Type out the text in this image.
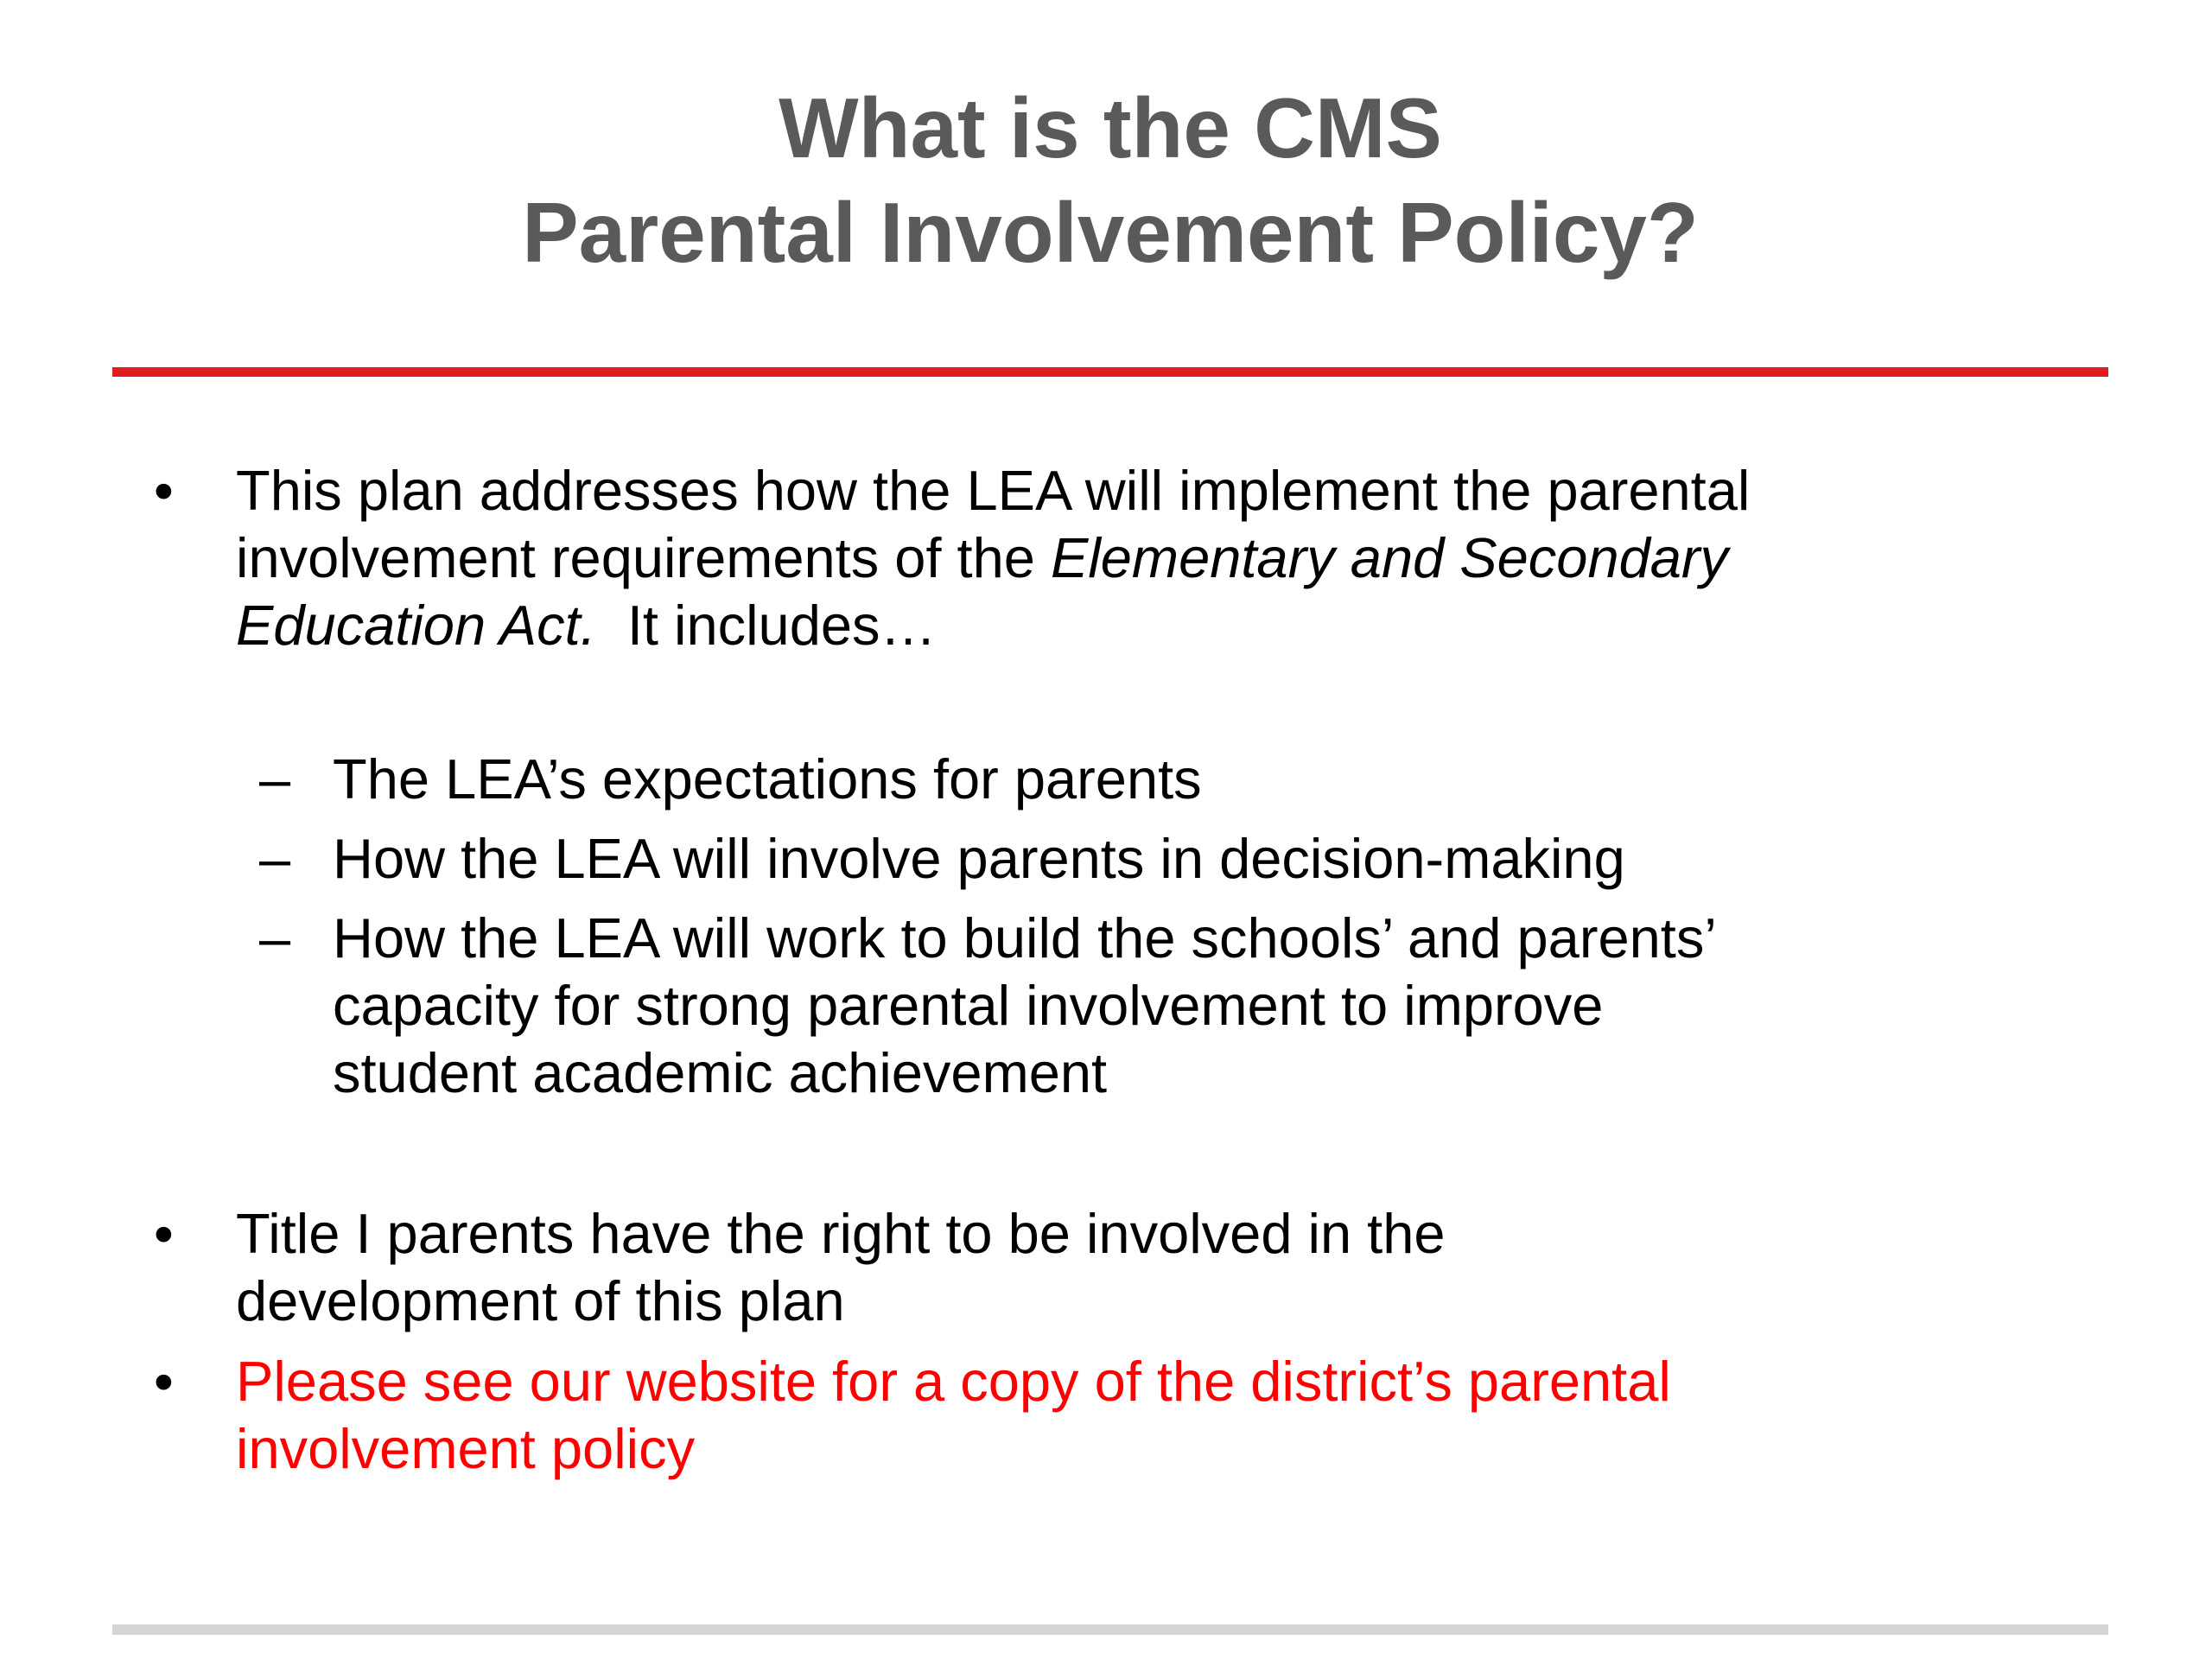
What is the CMS
Parental Involvement Policy?
• This plan addresses how the LEA will implement the parental involvement requirements of the Elementary and Secondary Education Act.  It includes…
– The LEA’s expectations for parents
– How the LEA will involve parents in decision-making
– How the LEA will work to build the schools’ and parents’ capacity for strong parental involvement to improve student academic achievement
• Title I parents have the right to be involved in the development of this plan
• Please see our website for a copy of the district’s parental involvement policy
